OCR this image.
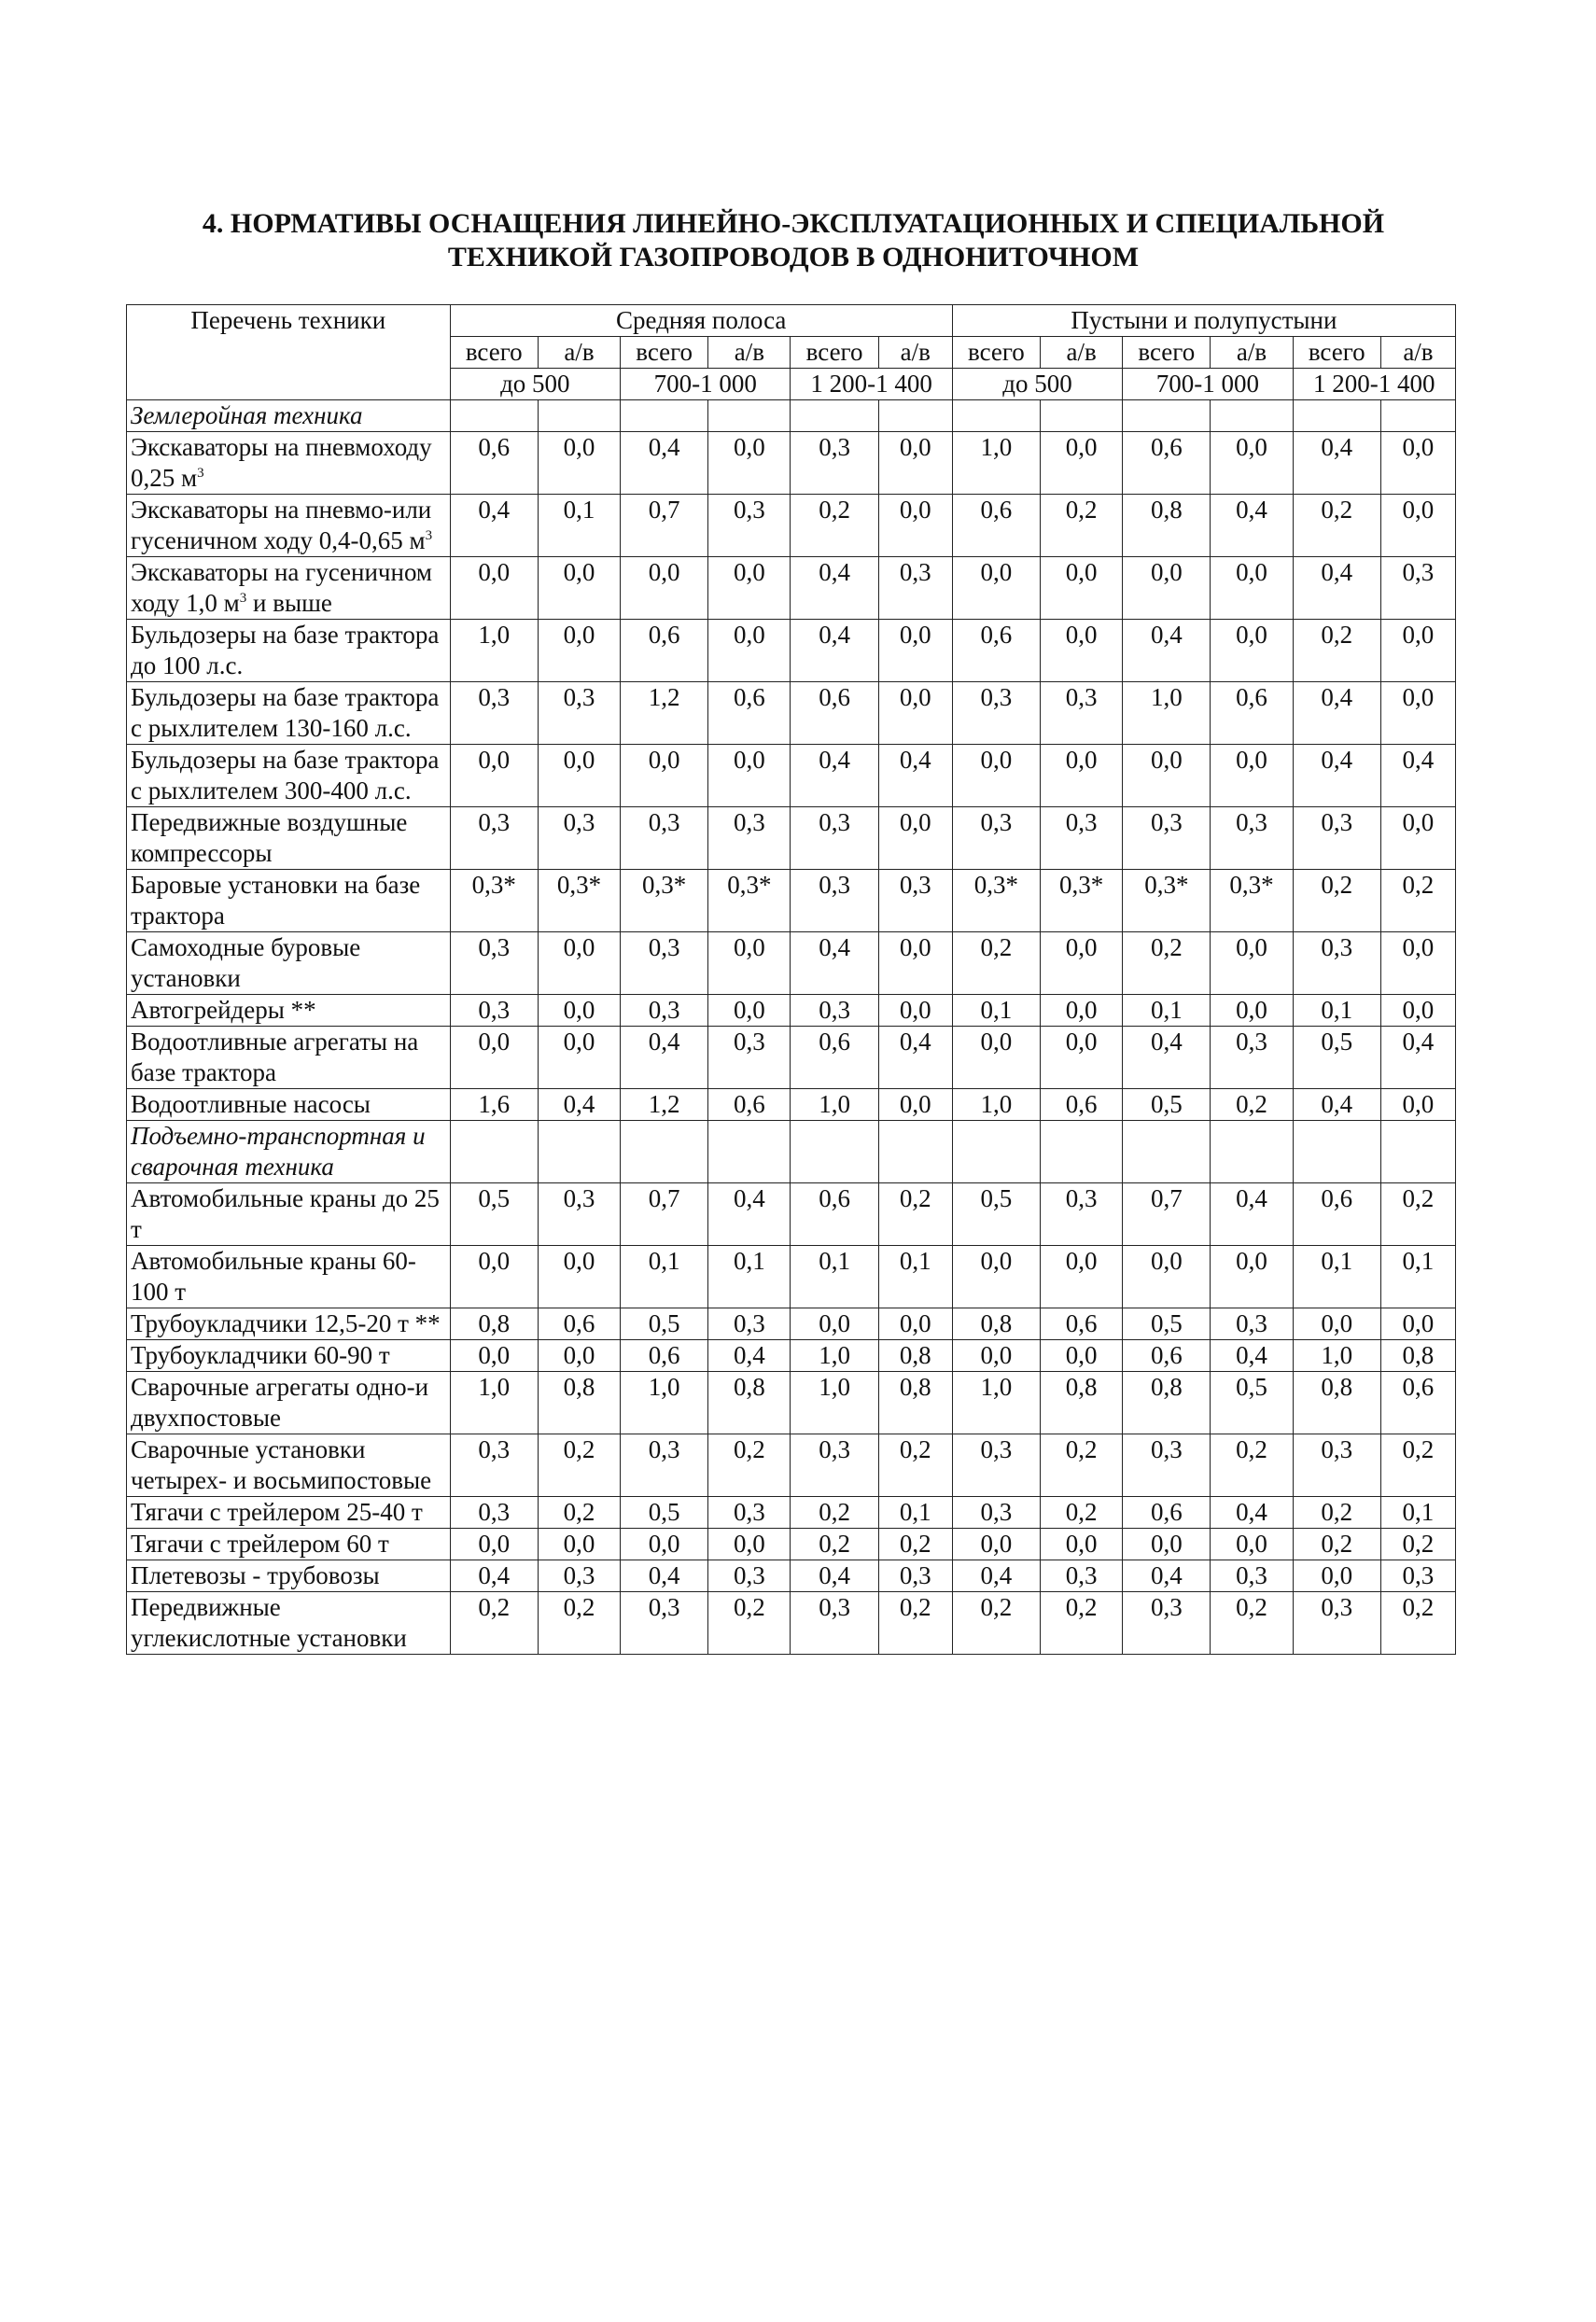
4. НОРМАТИВЫ ОСНАЩЕНИЯ ЛИНЕЙНО-ЭКСПЛУАТАЦИОННЫХ И СПЕЦИАЛЬНОЙ
ТЕХНИКОЙ ГАЗОПРОВОДОВ В ОДНОНИТОЧНОМ
Перечень техники	Средняя полоса						Пустыни и полупустыни					
	всего	а/в	всего	а/в	всего	а/в	всего	а/в	всего	а/в	всего	а/в
	до 500		700-1 000		1 200-1 400		до 500		700-1 000		1 200-1 400	
Землеройная техника												
Экскаваторы на пневмоходу 0,25 $м^3$	0,6	0,0	0,4	0,0	0,3	0,0	1,0	0,0	0,6	0,0	0,4	0,0
Экскаваторы на пневмо-или гусеничном ходу 0,4-0,65 $м^3$	0,4	0,1	0,7	0,3	0,2	0,0	0,6	0,2	0,8	0,4	0,2	0,0
Экскаваторы на гусеничном ходу 1,0 $м^3$ и выше	0,0	0,0	0,0	0,0	0,4	0,3	0,0	0,0	0,0	0,0	0,4	0,3
Бульдозеры на базе трактора до 100 л.с.	1,0	0,0	0,6	0,0	0,4	0,0	0,6	0,0	0,4	0,0	0,2	0,0
Бульдозеры на базе трактора с рыхлителем 130-160 л.с.	0,3	0,3	1,2	0,6	0,6	0,0	0,3	0,3	1,0	0,6	0,4	0,0
Бульдозеры на базе трактора с рыхлителем 300-400 л.с.	0,0	0,0	0,0	0,0	0,4	0,4	0,0	0,0	0,0	0,0	0,4	0,4
Передвижные воздушные компрессоры	0,3	0,3	0,3	0,3	0,3	0,0	0,3	0,3	0,3	0,3	0,3	0,0
Баровые установки на базе трактора	0,3*	0,3*	0,3*	0,3*	0,3	0,3	0,3*	0,3*	0,3*	0,3*	0,2	0,2
Самоходные буровые установки	0,3	0,0	0,3	0,0	0,4	0,0	0,2	0,0	0,2	0,0	0,3	0,0
Автогрейдеры **	0,3	0,0	0,3	0,0	0,3	0,0	0,1	0,0	0,1	0,0	0,1	0,0
Водоотливные агрегаты на базе трактора	0,0	0,0	0,4	0,3	0,6	0,4	0,0	0,0	0,4	0,3	0,5	0,4
Водоотливные насосы	1,6	0,4	1,2	0,6	1,0	0,0	1,0	0,6	0,5	0,2	0,4	0,0
Подъемно-транспортная и сварочная техника												
Автомобильные краны до 25 т	0,5	0,3	0,7	0,4	0,6	0,2	0,5	0,3	0,7	0,4	0,6	0,2
Автомобильные краны 60-100 т	0,0	0,0	0,1	0,1	0,1	0,1	0,0	0,0	0,0	0,0	0,1	0,1
Трубоукладчики 12,5-20 т **	0,8	0,6	0,5	0,3	0,0	0,0	0,8	0,6	0,5	0,3	0,0	0,0
Трубоукладчики 60-90 т	0,0	0,0	0,6	0,4	1,0	0,8	0,0	0,0	0,6	0,4	1,0	0,8
Сварочные агрегаты одно-и двухпостовые	1,0	0,8	1,0	0,8	1,0	0,8	1,0	0,8	0,8	0,5	0,8	0,6
Сварочные установки четырех- и восьмипостовые	0,3	0,2	0,3	0,2	0,3	0,2	0,3	0,2	0,3	0,2	0,3	0,2
Тягачи с трейлером 25-40 т	0,3	0,2	0,5	0,3	0,2	0,1	0,3	0,2	0,6	0,4	0,2	0,1
Тягачи с трейлером 60 т	0,0	0,0	0,0	0,0	0,2	0,2	0,0	0,0	0,0	0,0	0,2	0,2
Плетевозы - трубовозы	0,4	0,3	0,4	0,3	0,4	0,3	0,4	0,3	0,4	0,3	0,0	0,3
Передвижные углекислотные установки	0,2	0,2	0,3	0,2	0,3	0,2	0,2	0,2	0,3	0,2	0,3	0,2
